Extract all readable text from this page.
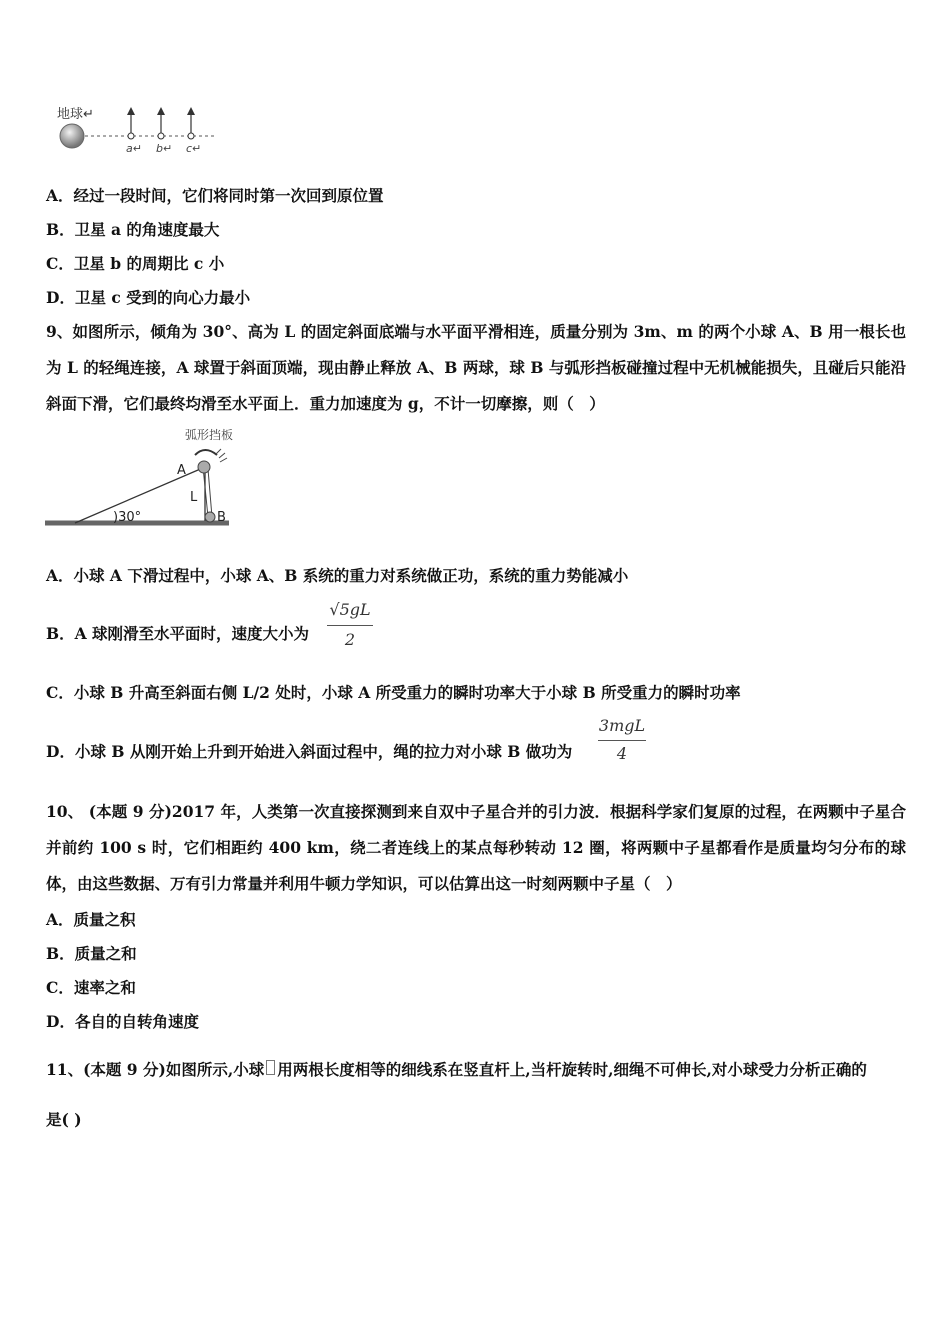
地球↵
a↵ b↵ c↵
A．经过一段时间，它们将同时第一次回到原位置
B．卫星 a 的角速度最大
C．卫星 b 的周期比 c 小
D．卫星 c 受到的向心力最小
9、如图所示，倾角为 30°、高为 L 的固定斜面底端与水平面平滑相连，质量分别为 3m、m 的两个小球 A、B 用一根长也为 L 的轻绳连接，A 球置于斜面顶端，现由静止释放 A、B 两球，球 B 与弧形挡板碰撞过程中无机械能损失，且碰后只能沿斜面下滑，它们最终均滑至水平面上．重力加速度为 g，不计一切摩擦，则（　）
弧形挡板
A
B
L
)30°
A．小球 A 下滑过程中，小球 A、B 系统的重力对系统做正功，系统的重力势能减小
B．A 球刚滑至水平面时，速度大小为
√5gL
2
C．小球 B 升高至斜面右侧 L/2 处时，小球 A 所受重力的瞬时功率大于小球 B 所受重力的瞬时功率
D．小球 B 从刚开始上升到开始进入斜面过程中，绳的拉力对小球 B 做功为
3mgL
4
10、 (本题 9 分)2017 年，人类第一次直接探测到来自双中子星合并的引力波．根据科学家们复原的过程，在两颗中子星合并前约 100 s 时，它们相距约 400 km，绕二者连线上的某点每秒转动 12 圈，将两颗中子星都看作是质量均匀分布的球体，由这些数据、万有引力常量并利用牛顿力学知识，可以估算出这一时刻两颗中子星（　）
A．质量之积
B．质量之和
C．速率之和
D．各自的自转角速度
11、(本题 9 分)如图所示,小球 用两根长度相等的细线系在竖直杆上,当杆旋转时,细绳不可伸长,对小球受力分析正确的
是( )
